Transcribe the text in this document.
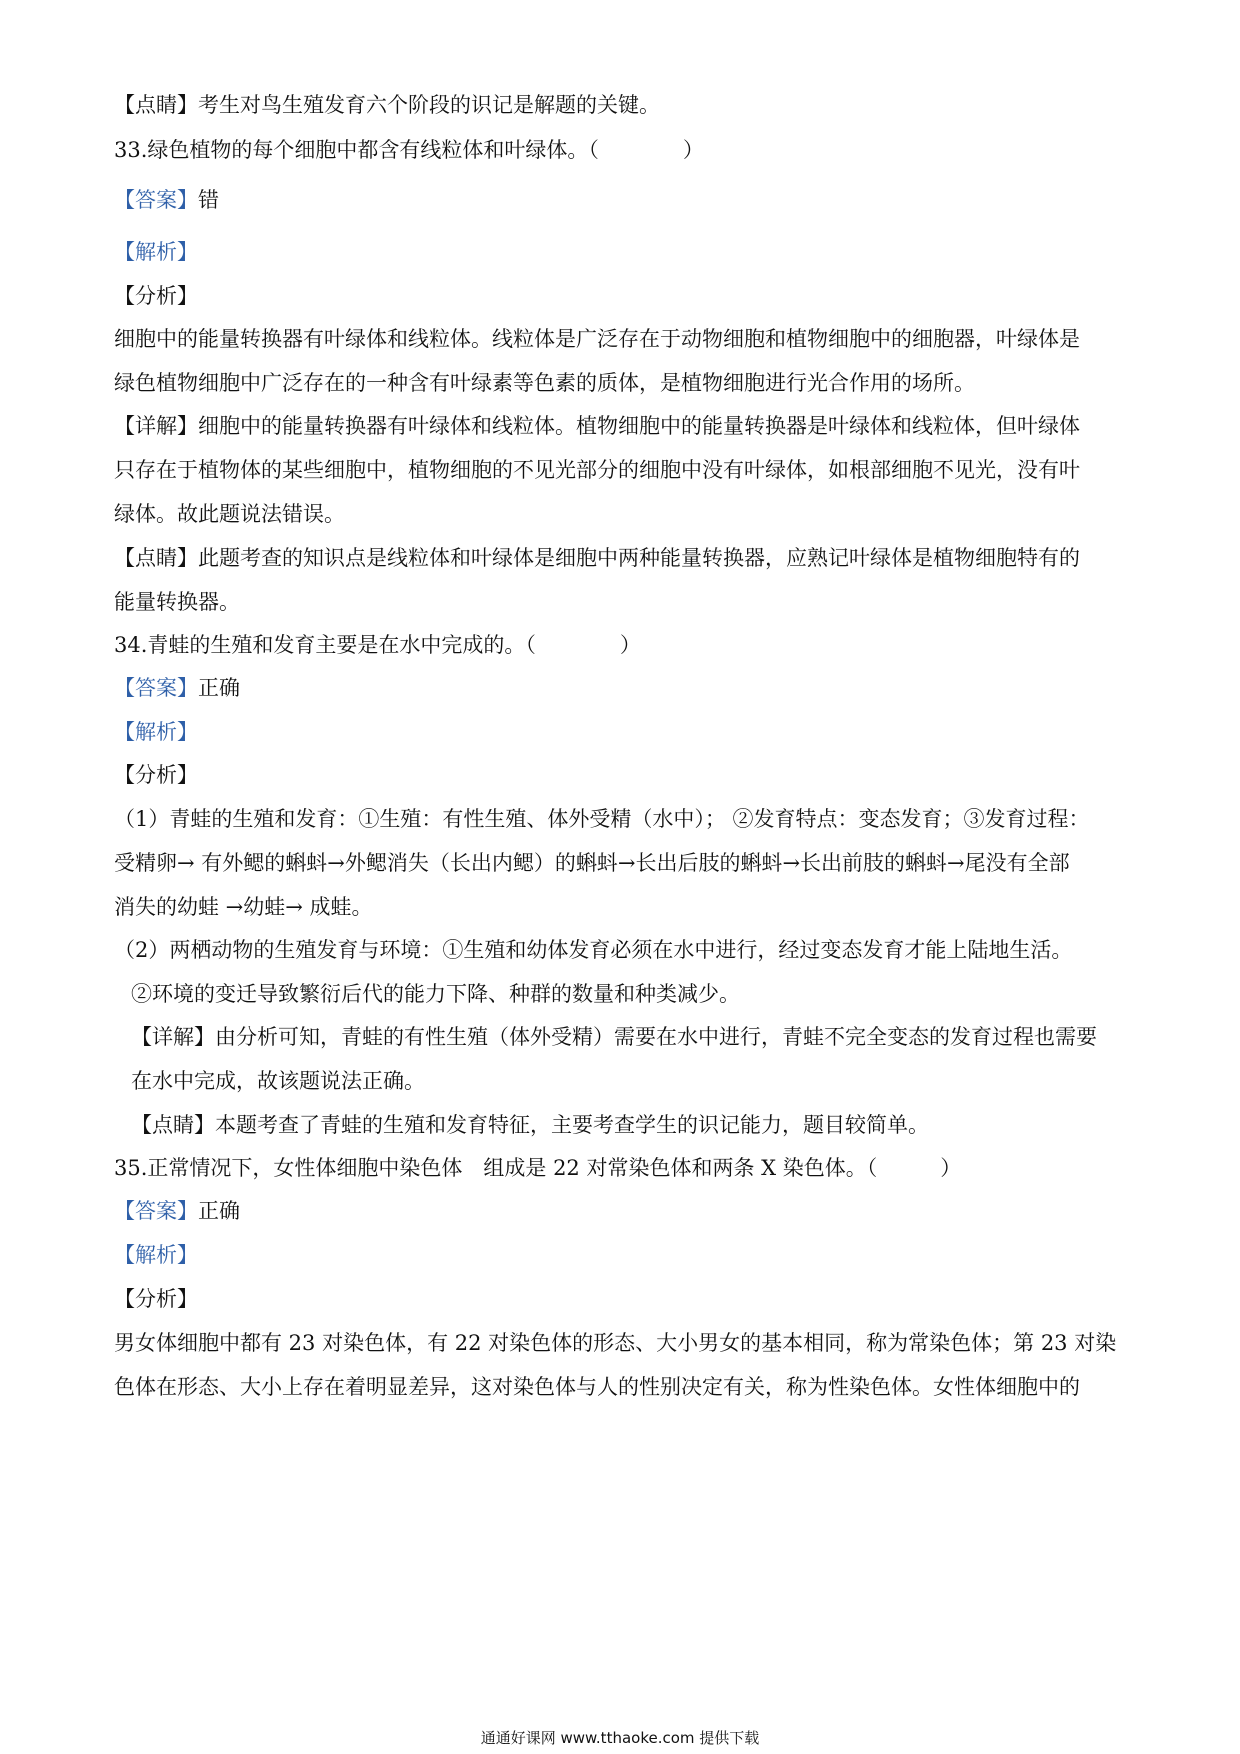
【点睛】考生对鸟生殖发育六个阶段的识记是解题的关键。
33.绿色植物的每个细胞中都含有线粒体和叶绿体。（　　　　）
【答案】错
【解析】
【分析】
细胞中的能量转换器有叶绿体和线粒体。线粒体是广泛存在于动物细胞和植物细胞中的细胞器，叶绿体是
绿色植物细胞中广泛存在的一种含有叶绿素等色素的质体，是植物细胞进行光合作用的场所。
【详解】细胞中的能量转换器有叶绿体和线粒体。植物细胞中的能量转换器是叶绿体和线粒体，但叶绿体
只存在于植物体的某些细胞中，植物细胞的不见光部分的细胞中没有叶绿体，如根部细胞不见光，没有叶
绿体。故此题说法错误。
【点睛】此题考查的知识点是线粒体和叶绿体是细胞中两种能量转换器，应熟记叶绿体是植物细胞特有的
能量转换器。
34.青蛙的生殖和发育主要是在水中完成的。（　　　　）
【答案】正确
【解析】
【分析】
（1）青蛙的生殖和发育：①生殖：有性生殖、体外受精（水中）； ②发育特点：变态发育；③发育过程：
受精卵→ 有外鳃的蝌蚪→外鳃消失（长出内鳃）的蝌蚪→长出后肢的蝌蚪→长出前肢的蝌蚪→尾没有全部
消失的幼蛙 →幼蛙→ 成蛙。
（2）两栖动物的生殖发育与环境：①生殖和幼体发育必须在水中进行，经过变态发育才能上陆地生活。
②环境的变迁导致繁衍后代的能力下降、种群的数量和种类减少。
【详解】由分析可知，青蛙的有性生殖（体外受精）需要在水中进行，青蛙不完全变态的发育过程也需要
在水中完成，故该题说法正确。
【点睛】本题考查了青蛙的生殖和发育特征，主要考查学生的识记能力，题目较简单。
35.正常情况下，女性体细胞中染色体　组成是 22 对常染色体和两条 X 染色体。（　　　）
【答案】正确
【解析】
【分析】
男女体细胞中都有 23 对染色体，有 22 对染色体的形态、大小男女的基本相同，称为常染色体；第 23 对染
色体在形态、大小上存在着明显差异，这对染色体与人的性别决定有关，称为性染色体。女性体细胞中的
通通好课网 www.tthaoke.com 提供下载
